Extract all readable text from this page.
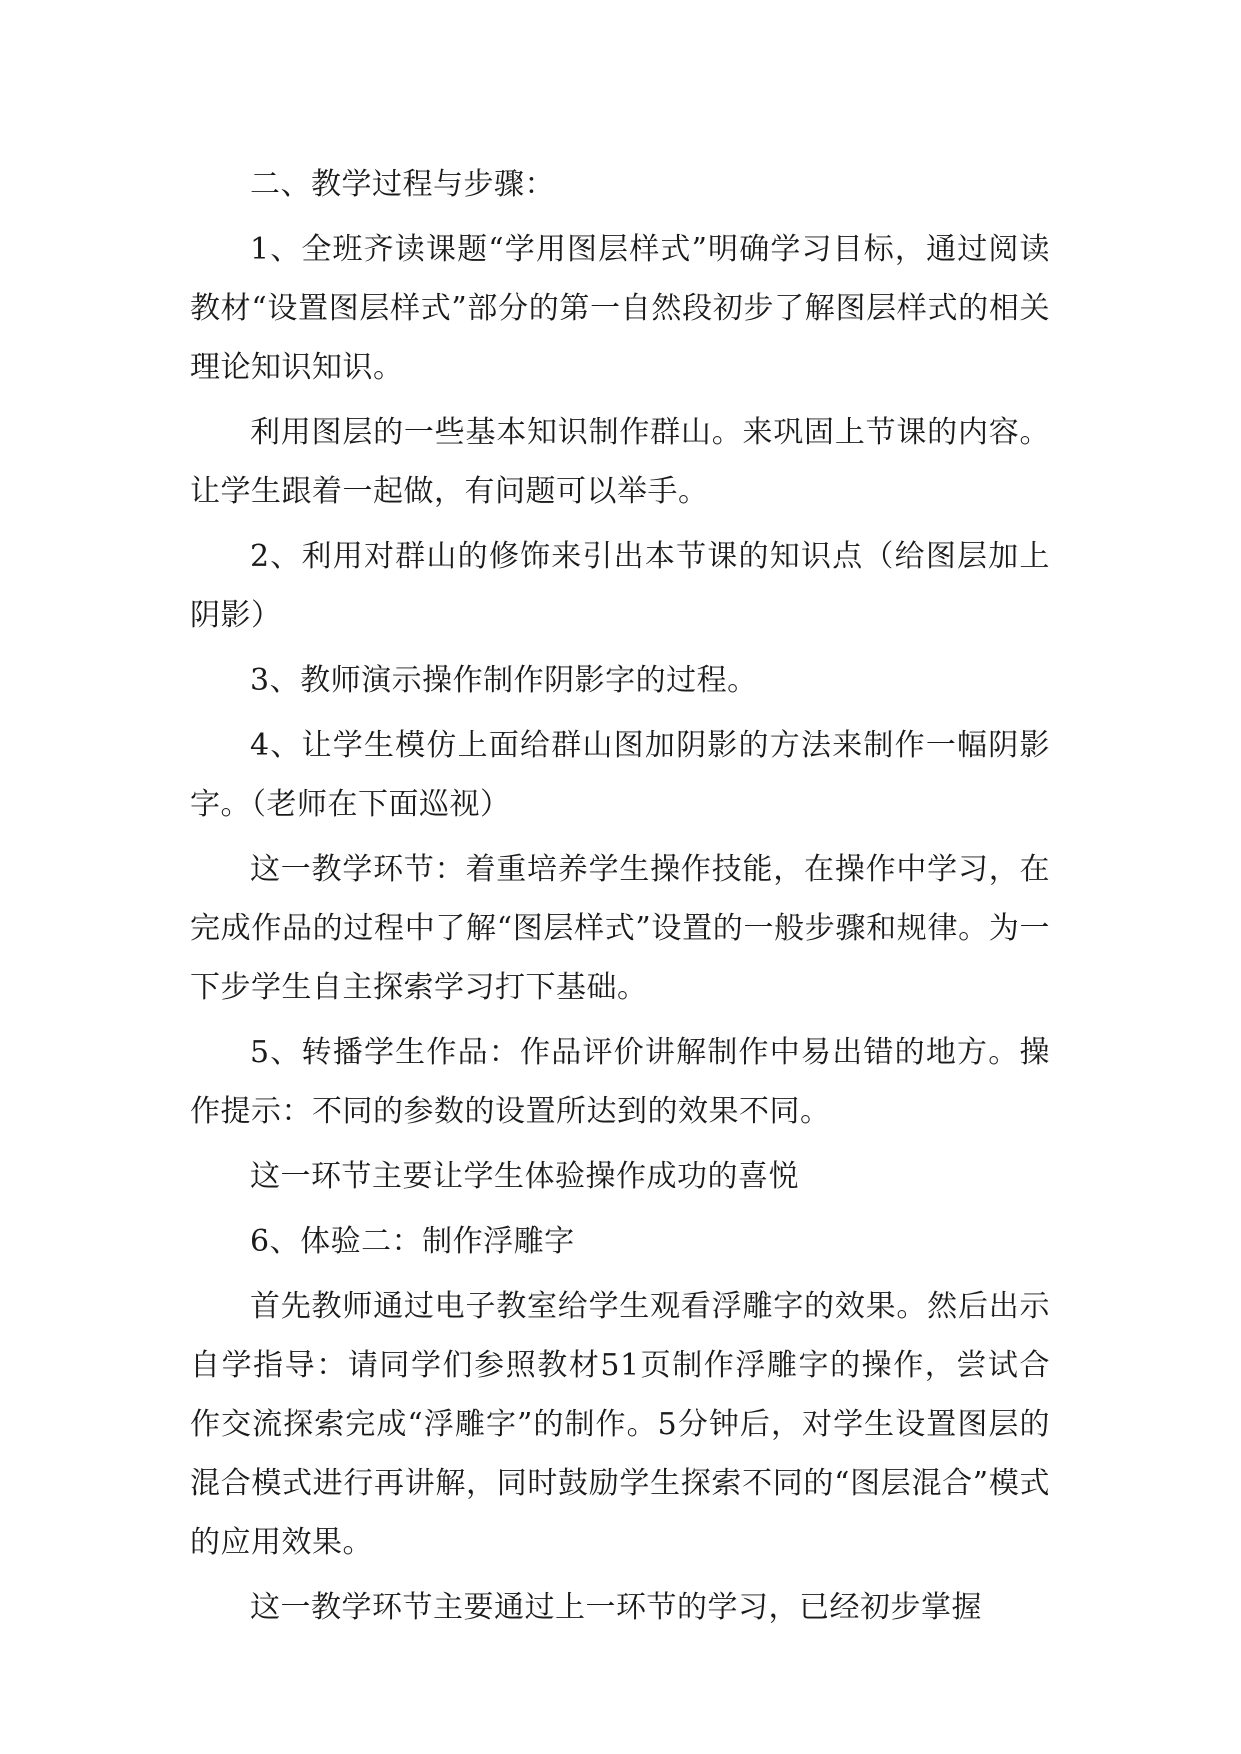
二、教学过程与步骤：

1、全班齐读课题“学用图层样式”明确学习目标，通过阅读教材“设置图层样式”部分的第一自然段初步了解图层样式的相关理论知识知识。

利用图层的一些基本知识制作群山。来巩固上节课的内容。让学生跟着一起做，有问题可以举手。

2、利用对群山的修饰来引出本节课的知识点（给图层加上阴影）

3、教师演示操作制作阴影字的过程。

4、让学生模仿上面给群山图加阴影的方法来制作一幅阴影字。（老师在下面巡视）

这一教学环节：着重培养学生操作技能，在操作中学习，在完成作品的过程中了解“图层样式”设置的一般步骤和规律。为一下步学生自主探索学习打下基础。

5、转播学生作品：作品评价讲解制作中易出错的地方。操作提示：不同的参数的设置所达到的效果不同。

这一环节主要让学生体验操作成功的喜悦

6、体验二：制作浮雕字

首先教师通过电子教室给学生观看浮雕字的效果。然后出示自学指导：请同学们参照教材51页制作浮雕字的操作，尝试合作交流探索完成“浮雕字”的制作。5分钟后，对学生设置图层的混合模式进行再讲解，同时鼓励学生探索不同的“图层混合”模式的应用效果。

这一教学环节主要通过上一环节的学习，已经初步掌握
